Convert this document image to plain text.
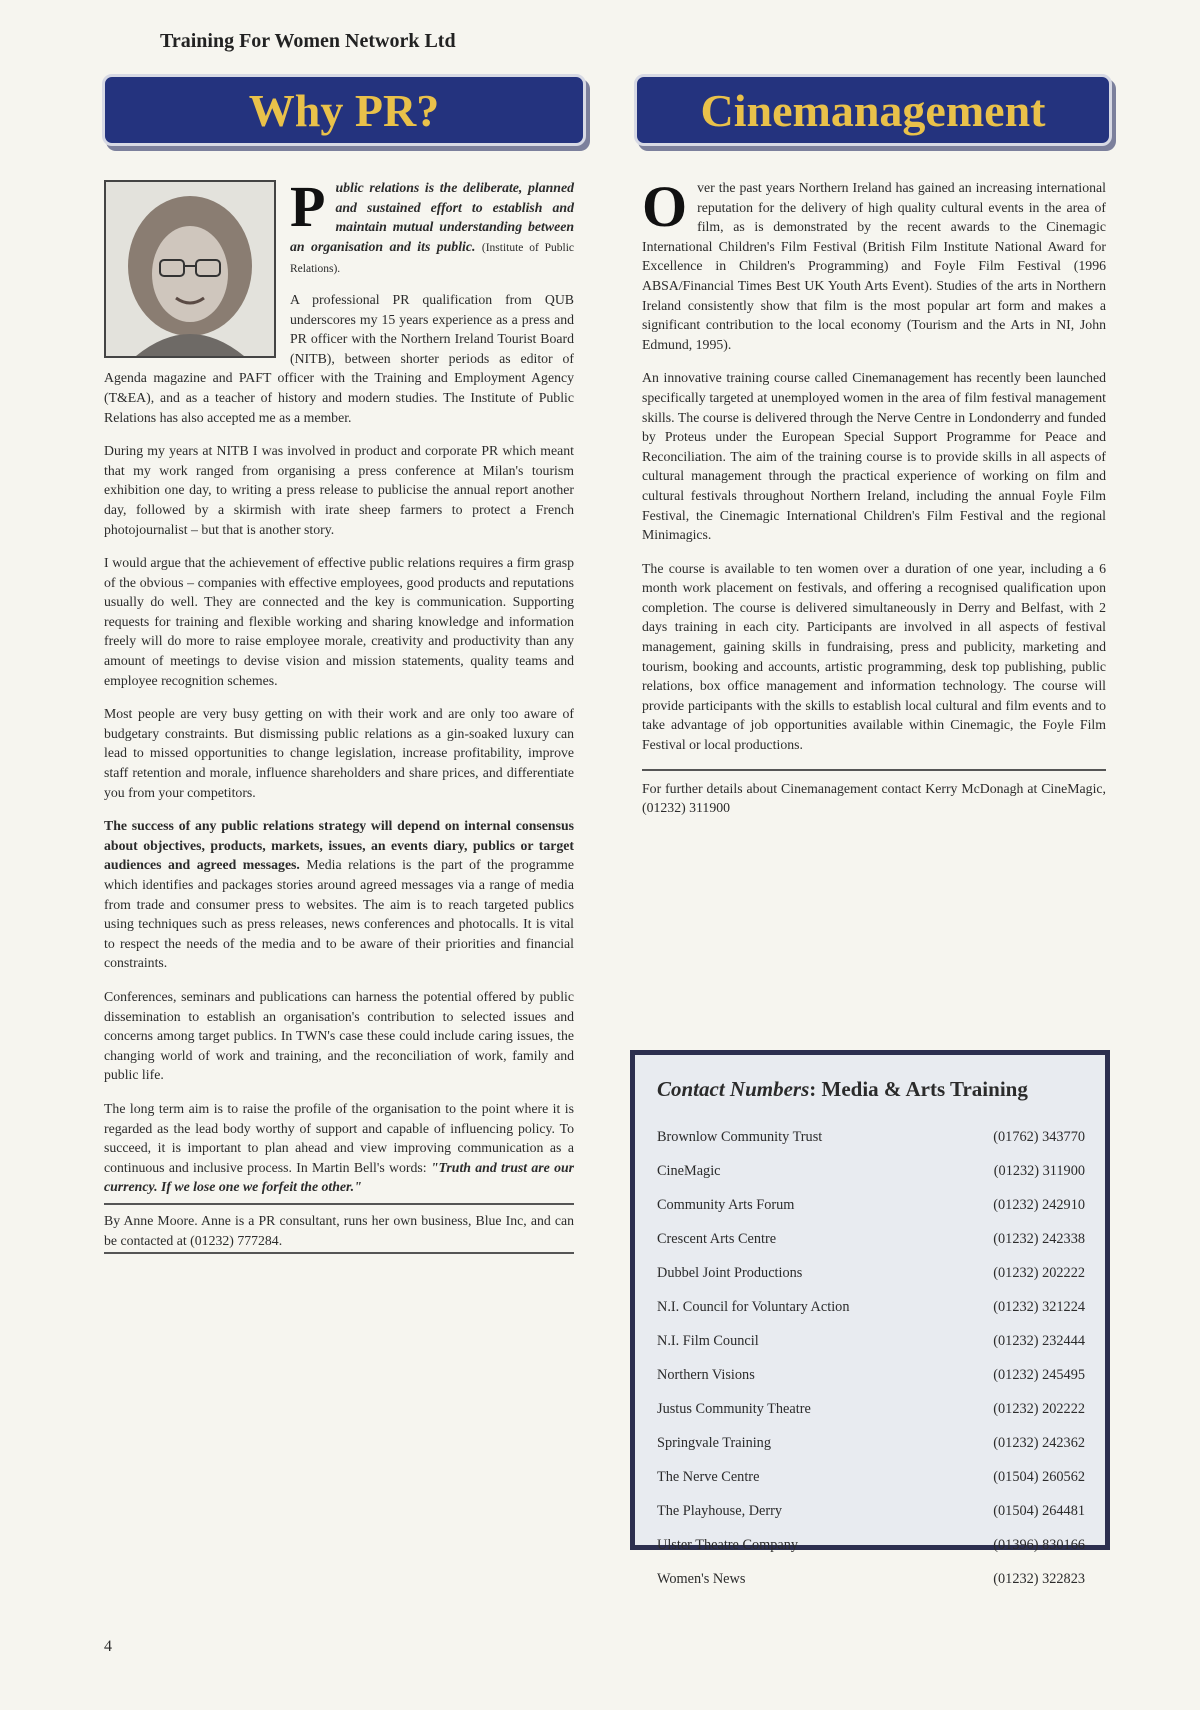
Training For Women Network Ltd
Why PR?	Cinemanagement

P ublic relations is the deliberate, planned and sustained effort to establish and maintain mutual understanding between an organisation and its public. (Institute of Public Relations).

A professional PR qualification from QUB underscores my 15 years experience as a press and PR officer with the Northern Ireland Tourist Board (NITB), between shorter periods as editor of Agenda magazine and PAFT officer with the Training and Employment Agency (T&EA), and as a teacher of history and modern studies. The Institute of Public Relations has also accepted me as a member.

During my years at NITB I was involved in product and corporate PR which meant that my work ranged from organising a press conference at Milan's tourism exhibition one day, to writing a press release to publicise the annual report another day, followed by a skirmish with irate sheep farmers to protect a French photojournalist – but that is another story.

I would argue that the achievement of effective public relations requires a firm grasp of the obvious – companies with effective employees, good products and reputations usually do well. They are connected and the key is communication. Supporting requests for training and flexible working and sharing knowledge and information freely will do more to raise employee morale, creativity and productivity than any amount of meetings to devise vision and mission statements, quality teams and employee recognition schemes.

Most people are very busy getting on with their work and are only too aware of budgetary constraints. But dismissing public relations as a gin-soaked luxury can lead to missed opportunities to change legislation, increase profitability, improve staff retention and morale, influence shareholders and share prices, and differentiate you from your competitors.

The success of any public relations strategy will depend on internal consensus about objectives, products, markets, issues, an events diary, publics or target audiences and agreed messages. Media relations is the part of the programme which identifies and packages stories around agreed messages via a range of media from trade and consumer press to websites. The aim is to reach targeted publics using techniques such as press releases, news conferences and photocalls. It is vital to respect the needs of the media and to be aware of their priorities and financial constraints.

Conferences, seminars and publications can harness the potential offered by public dissemination to establish an organisation's contribution to selected issues and concerns among target publics. In TWN's case these could include caring issues, the changing world of work and training, and the reconciliation of work, family and public life.

The long term aim is to raise the profile of the organisation to the point where it is regarded as the lead body worthy of support and capable of influencing policy. To succeed, it is important to plan ahead and view improving communication as a continuous and inclusive process. In Martin Bell's words: "Truth and trust are our currency. If we lose one we forfeit the other."

By Anne Moore. Anne is a PR consultant, runs her own business, Blue Inc, and can be contacted at (01232) 777284.

O ver the past years Northern Ireland has gained an increasing international reputation for the delivery of high quality cultural events in the area of film, as is demonstrated by the recent awards to the Cinemagic International Children's Film Festival (British Film Institute National Award for Excellence in Children's Programming) and Foyle Film Festival (1996 ABSA/Financial Times Best UK Youth Arts Event). Studies of the arts in Northern Ireland consistently show that film is the most popular art form and makes a significant contribution to the local economy (Tourism and the Arts in NI, John Edmund, 1995).

An innovative training course called Cinemanagement has recently been launched specifically targeted at unemployed women in the area of film festival management skills. The course is delivered through the Nerve Centre in Londonderry and funded by Proteus under the European Special Support Programme for Peace and Reconciliation. The aim of the training course is to provide skills in all aspects of cultural management through the practical experience of working on film and cultural festivals throughout Northern Ireland, including the annual Foyle Film Festival, the Cinemagic International Children's Film Festival and the regional Minimagics.

The course is available to ten women over a duration of one year, including a 6 month work placement on festivals, and offering a recognised qualification upon completion. The course is delivered simultaneously in Derry and Belfast, with 2 days training in each city. Participants are involved in all aspects of festival management, gaining skills in fundraising, press and publicity, marketing and tourism, booking and accounts, artistic programming, desk top publishing, public relations, box office management and information technology. The course will provide participants with the skills to establish local cultural and film events and to take advantage of job opportunities available within Cinemagic, the Foyle Film Festival or local productions.

For further details about Cinemanagement contact Kerry McDonagh at CineMagic, (01232) 311900
Contact Numbers: Media & Arts Training
Brownlow Community Trust	(01762) 343770
CineMagic	(01232) 311900
Community Arts Forum	(01232) 242910
Crescent Arts Centre	(01232) 242338
Dubbel Joint Productions	(01232) 202222
N.I. Council for Voluntary Action	(01232) 321224
N.I. Film Council	(01232) 232444
Northern Visions	(01232) 245495
Justus Community Theatre	(01232) 202222
Springvale Training	(01232) 242362
The Nerve Centre	(01504) 260562
The Playhouse, Derry	(01504) 264481
Ulster Theatre Company	(01396) 830166
Women's News	(01232) 322823
4
